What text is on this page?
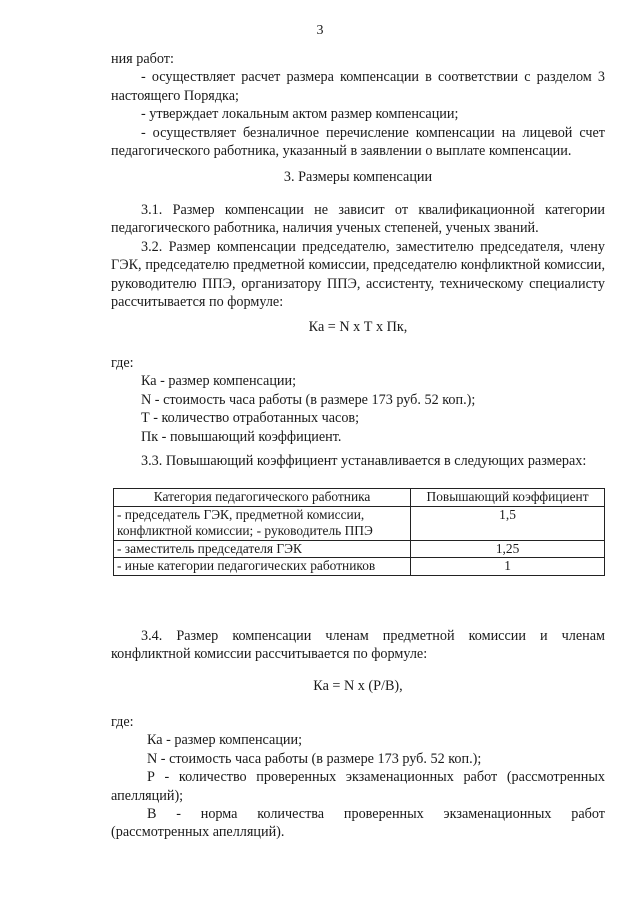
3

ния работ:

- осуществляет расчет размера компенсации в соответствии с разделом 3 настоящего Порядка;

- утверждает локальным актом размер компенсации;

- осуществляет безналичное перечисление компенсации на лицевой счет педагогического работника, указанный в заявлении о выплате компенсации.

3. Размеры компенсации

3.1. Размер компенсации не зависит от квалификационной категории педагогического работника, наличия ученых степеней, ученых званий.

3.2. Размер компенсации председателю, заместителю председателя, члену ГЭК, председателю предметной комиссии, председателю конфликтной комиссии, руководителю ППЭ, организатору ППЭ, ассистенту, техническому специалисту рассчитывается по формуле:

Ка = N x Т x Пк,

где:

Ка - размер компенсации;

N - стоимость часа работы (в размере 173 руб. 52 коп.);

Т - количество отработанных часов;

Пк - повышающий коэффициент.

3.3. Повышающий коэффициент устанавливается в следующих размерах:

Категория педагогического работника	Повышающий коэффициент
- председатель ГЭК, предметной комиссии, конфликтной комиссии; - руководитель ППЭ	1,5
- заместитель председателя ГЭК	1,25
- иные категории педагогических работников	1

3.4. Размер компенсации членам предметной комиссии и членам конфликтной комиссии рассчитывается по формуле:

Ка = N x (Р/В),

где:

Ка - размер компенсации;

N - стоимость часа работы (в размере 173 руб. 52 коп.);

Р - количество проверенных экзаменационных работ (рассмотренных апелляций);

В - норма количества проверенных экзаменационных работ (рассмотренных апелляций).
